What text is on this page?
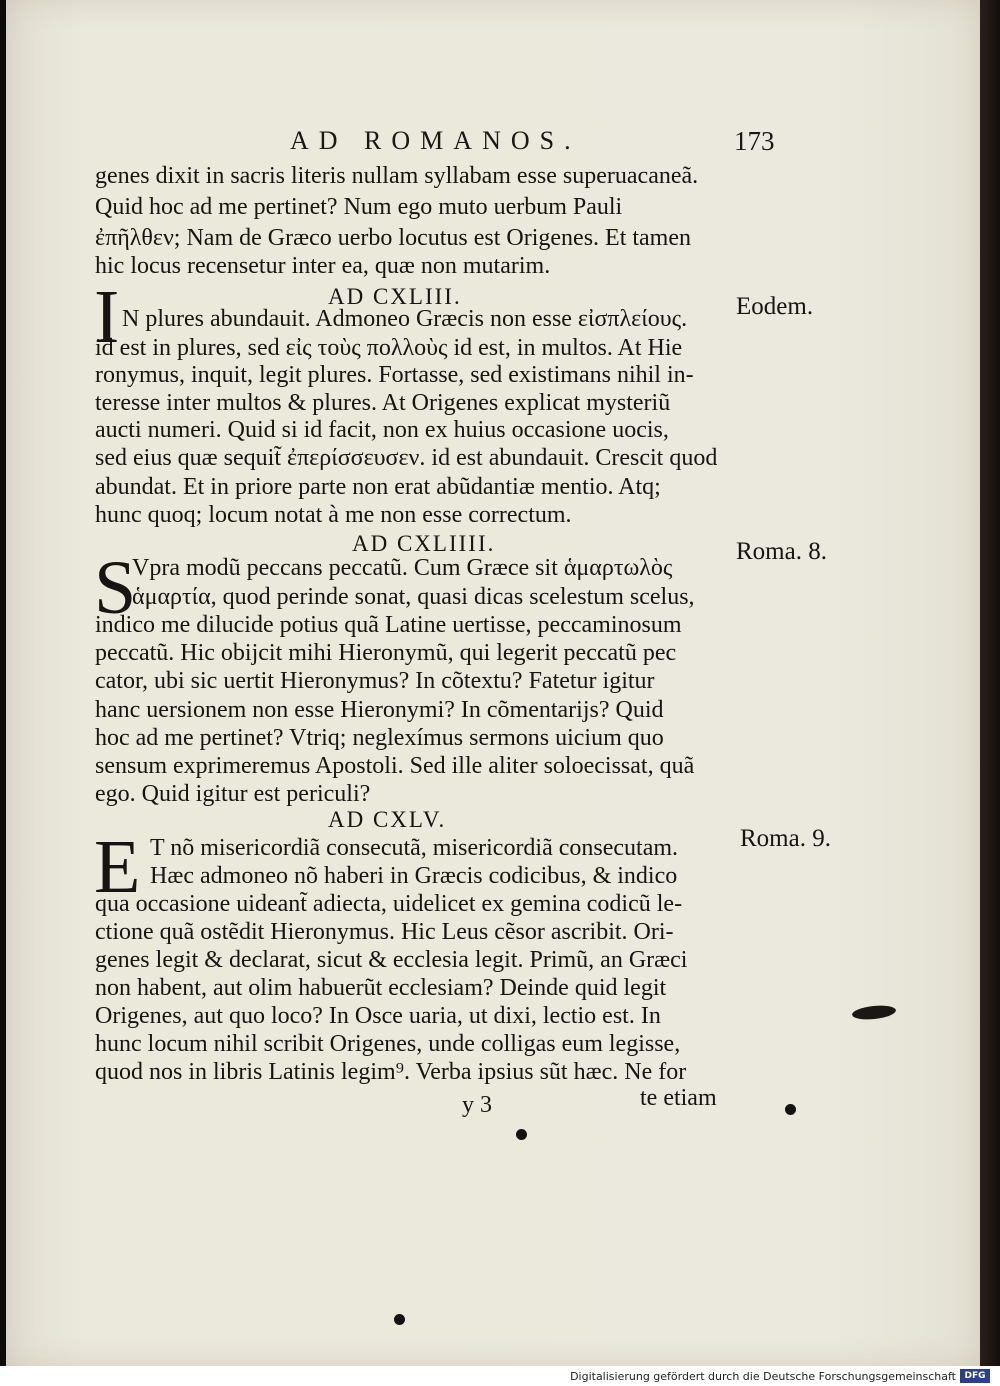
AD ROMANOS.	173
genes dixit in sacris literis nullam syllabam esse superuacaneã.
Quid hoc ad me pertinet? Num ego muto uerbum Pauli
ἐπῆλθεν; Nam de Græco uerbo locutus est Origenes. Et tamen
hic locus recensetur inter ea, quæ non mutarim.
AD CXLIII.	Eodem.
I N plures abundauit. Admoneo Græcis non esse εἰσπλείους.
id est in plures, sed εἰς τοὺς πολλοὺς id est, in multos. At Hie
ronymus, inquit, legit plures. Fortasse, sed existimans nihil in-
teresse inter multos & plures. At Origenes explicat mysteriũ
aucti numeri. Quid si id facit, non ex huius occasione uocis,
sed eius quæ sequit̃ ἐπερίσσευσεν. id est abundauit. Crescit quod
abundat. Et in priore parte non erat abũdantiæ mentio. Atq;
hunc quoq; locum notat à me non esse correctum.
AD CXLIIII.	Roma. 8.
S
Vpra modũ peccans peccatũ. Cum Græce sit ἁμαρτωλὸς
ἁμαρτία, quod perinde sonat, quasi dicas scelestum scelus,
indico me dilucide potius quã Latine uertisse, peccaminosum
peccatũ. Hic obijcit mihi Hieronymũ, qui legerit peccatũ pec
cator, ubi sic uertit Hieronymus? In cõtextu? Fatetur igitur
hanc uersionem non esse Hieronymi? In cõmentarijs? Quid
hoc ad me pertinet? Vtriq; neglexímus sermons uicium quo
sensum exprimeremus Apostoli. Sed ille aliter soloecissat, quã
ego. Quid igitur est periculi?
AD CXLV.
Roma. 9.
E T nõ misericordiã consecutã, misericordiã consecutam.
Hæc admoneo nõ haberi in Græcis codicibus, & indico
qua occasione uideant̃ adiecta, uidelicet ex gemina codicũ le-
ctione quã ostẽdit Hieronymus. Hic Leus cẽsor ascribit. Ori-
genes legit & declarat, sicut & ecclesia legit. Primũ, an Græci
non habent, aut olim habuerũt ecclesiam? Deinde quid legit
Origenes, aut quo loco? In Osce uaria, ut dixi, lectio est. In
hunc locum nihil scribit Origenes, unde colligas eum legisse,
quod nos in libris Latinis legim⁹. Verba ipsius sũt hæc. Ne for
y 3	te etiam
Digitalisierung gefördert durch die Deutsche Forschungsgemeinschaft DFG
